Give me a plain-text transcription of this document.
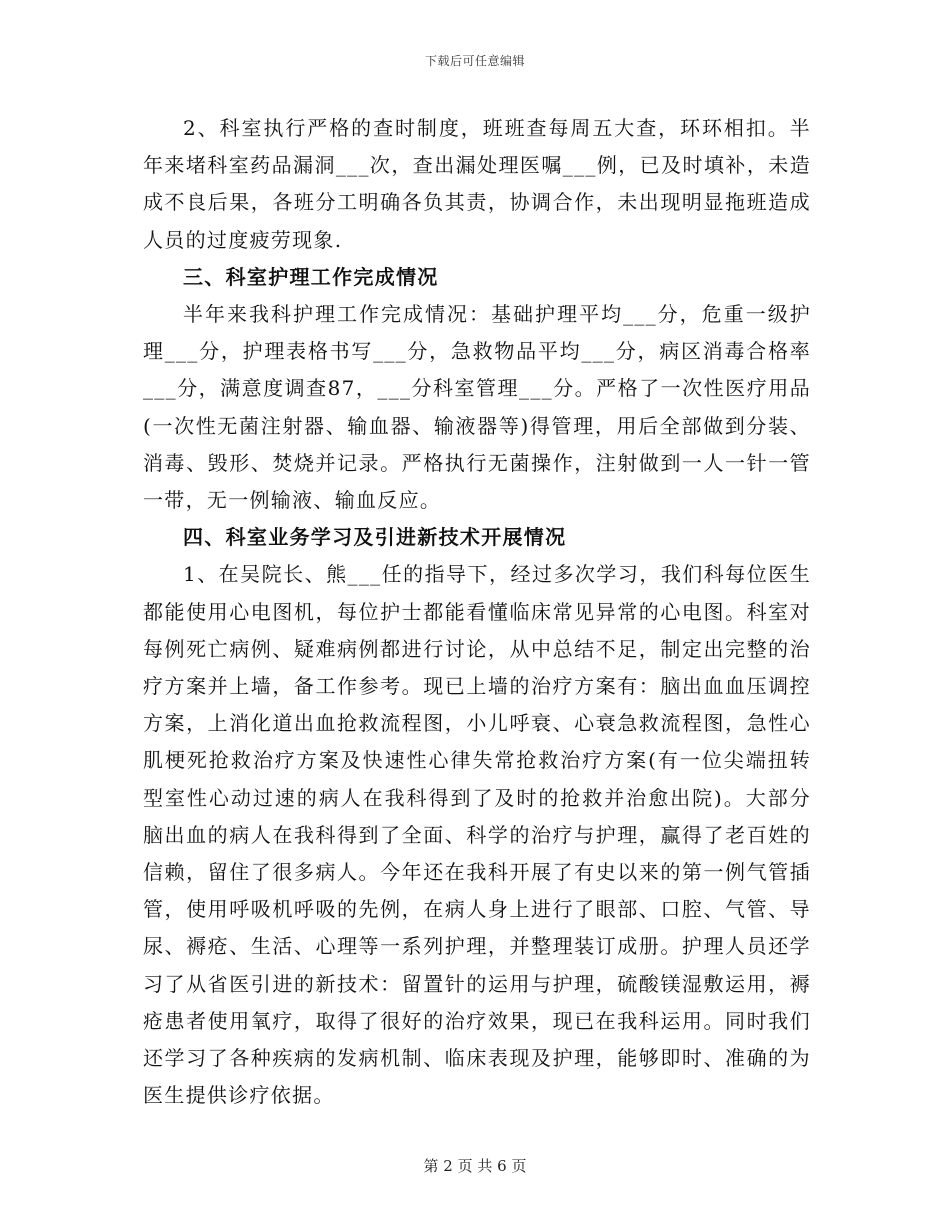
下载后可任意编辑

2、科室执行严格的查时制度，班班查每周五大查，环环相扣。半年来堵科室药品漏洞___次，查出漏处理医嘱___例，已及时填补，未造成不良后果，各班分工明确各负其责，协调合作，未出现明显拖班造成人员的过度疲劳现象.

三、科室护理工作完成情况

半年来我科护理工作完成情况：基础护理平均___分，危重一级护理___分，护理表格书写___分，急救物品平均___分，病区消毒合格率___分，满意度调查87，___分科室管理___分。严格了一次性医疗用品(一次性无菌注射器、输血器、输液器等)得管理，用后全部做到分装、消毒、毁形、焚烧并记录。严格执行无菌操作，注射做到一人一针一管一带，无一例输液、输血反应。

四、科室业务学习及引进新技术开展情况

1、在吴院长、熊___任的指导下，经过多次学习，我们科每位医生都能使用心电图机，每位护士都能看懂临床常见异常的心电图。科室对每例死亡病例、疑难病例都进行讨论，从中总结不足，制定出完整的治疗方案并上墙，备工作参考。现已上墙的治疗方案有：脑出血血压调控方案，上消化道出血抢救流程图，小儿呼衰、心衰急救流程图，急性心肌梗死抢救治疗方案及快速性心律失常抢救治疗方案(有一位尖端扭转型室性心动过速的病人在我科得到了及时的抢救并治愈出院)。大部分脑出血的病人在我科得到了全面、科学的治疗与护理，赢得了老百姓的信赖，留住了很多病人。今年还在我科开展了有史以来的第一例气管插管，使用呼吸机呼吸的先例，在病人身上进行了眼部、口腔、气管、导尿、褥疮、生活、心理等一系列护理，并整理装订成册。护理人员还学习了从省医引进的新技术：留置针的运用与护理，硫酸镁湿敷运用，褥疮患者使用氧疗，取得了很好的治疗效果，现已在我科运用。同时我们还学习了各种疾病的发病机制、临床表现及护理，能够即时、准确的为医生提供诊疗依据。

第 2 页 共 6 页
